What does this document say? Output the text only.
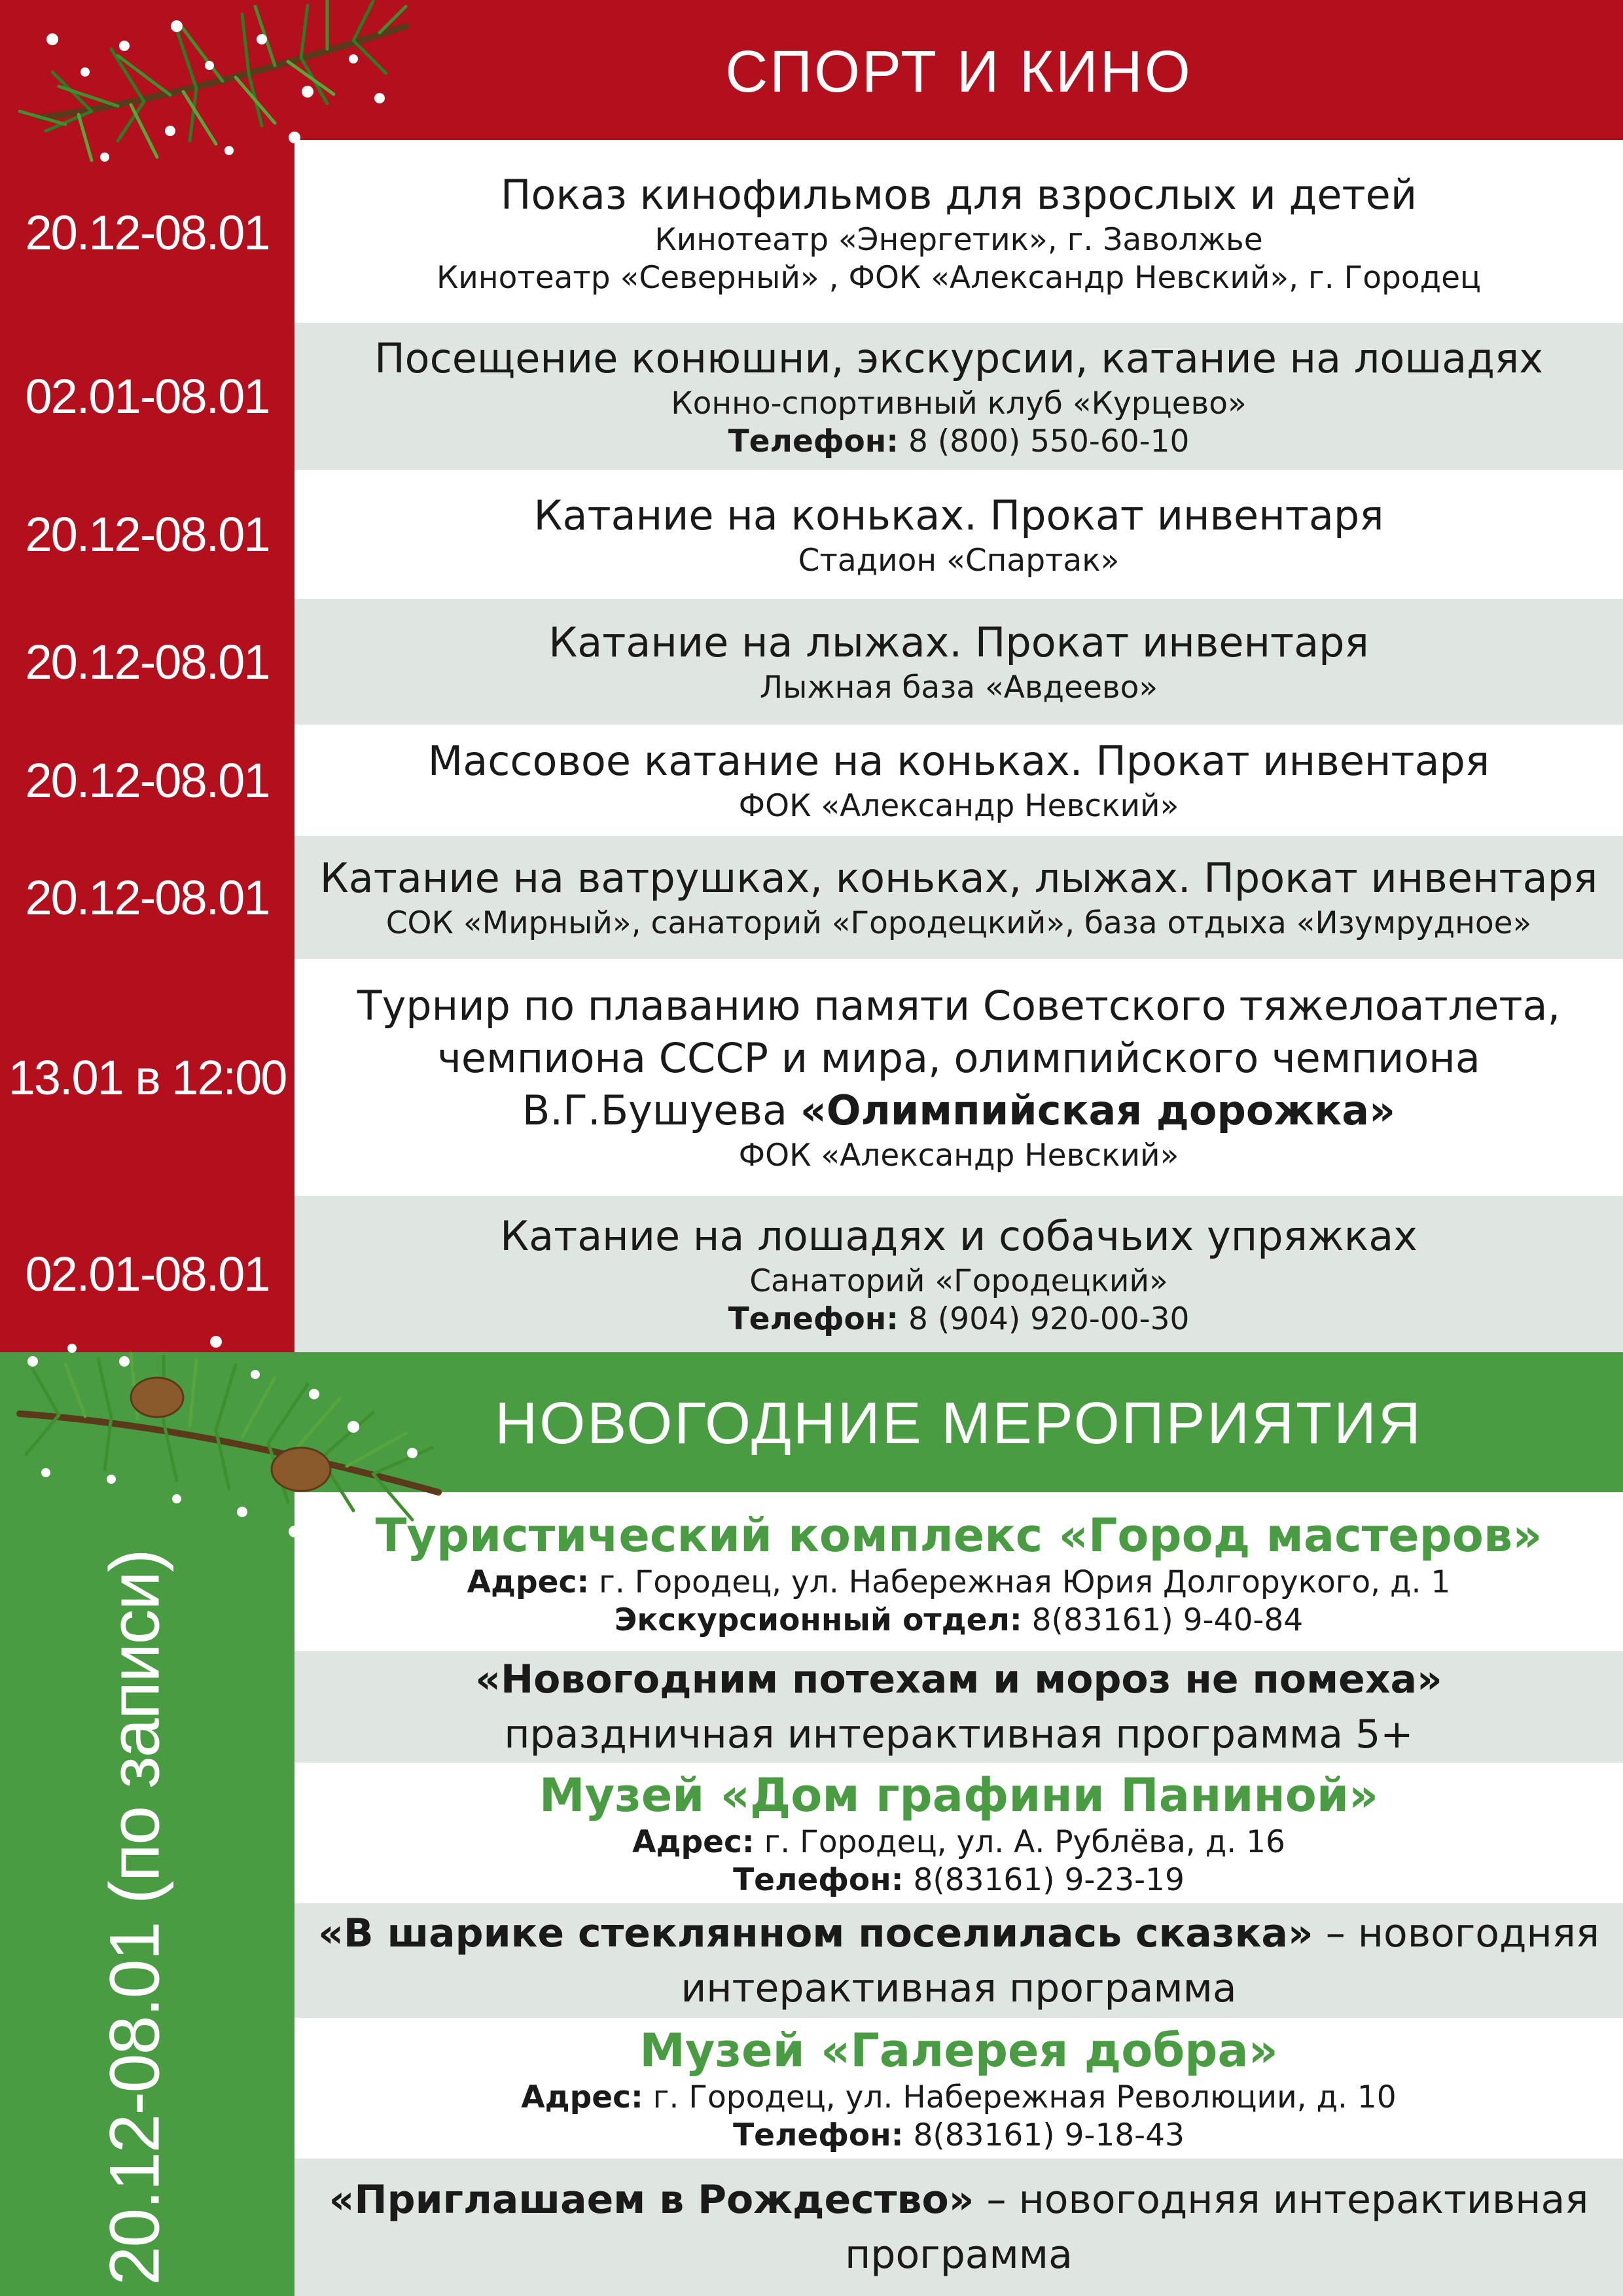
СПОРТ И КИНО
НОВОГОДНИЕ МЕРОПРИЯТИЯ
Показ кинофильмов для взрослых и детей
Кинотеатр «Энергетик», г. Заволжье
Кинотеатр «Северный» , ФОК «Александр Невский», г. Городец
20.12-08.01
Посещение конюшни, экскурсии, катание на лошадях
Конно-спортивный клуб «Курцево»
Телефон: 8 (800) 550-60-10
02.01-08.01
Катание на коньках. Прокат инвентаря
Стадион «Спартак»
20.12-08.01
Катание на лыжах. Прокат инвентаря
Лыжная база «Авдеево»
20.12-08.01
Массовое катание на коньках. Прокат инвентаря
ФОК «Александр Невский»
20.12-08.01
Катание на ватрушках, коньках, лыжах. Прокат инвентаря
СОК «Мирный», санаторий «Городецкий», база отдыха «Изумрудное»
20.12-08.01
Турнир по плаванию памяти Советского тяжелоатлета,
чемпиона СССР и мира, олимпийского чемпиона
В.Г.Бушуева «Олимпийская дорожка»
ФОК «Александр Невский»
13.01 в 12:00
Катание на лошадях и собачьих упряжках
Санаторий «Городецкий»
Телефон: 8 (904) 920-00-30
02.01-08.01
20.12-08.01 (по записи)
Туристический комплекс «Город мастеров»
Адрес: г. Городец, ул. Набережная Юрия Долгорукого, д. 1
Экскурсионный отдел: 8(83161) 9-40-84
«Новогодним потехам и мороз не помеха»
праздничная интерактивная программа 5+
Музей «Дом графини Паниной»
Адрес: г. Городец, ул. А. Рублёва, д. 16
Телефон: 8(83161) 9-23-19
«В шарике стеклянном поселилась сказка» – новогодняя
интерактивная программа
Музей «Галерея добра»
Адрес: г. Городец, ул. Набережная Революции, д. 10
Телефон: 8(83161) 9-18-43
«Приглашаем в Рождество» – новогодняя интерактивная
программа
